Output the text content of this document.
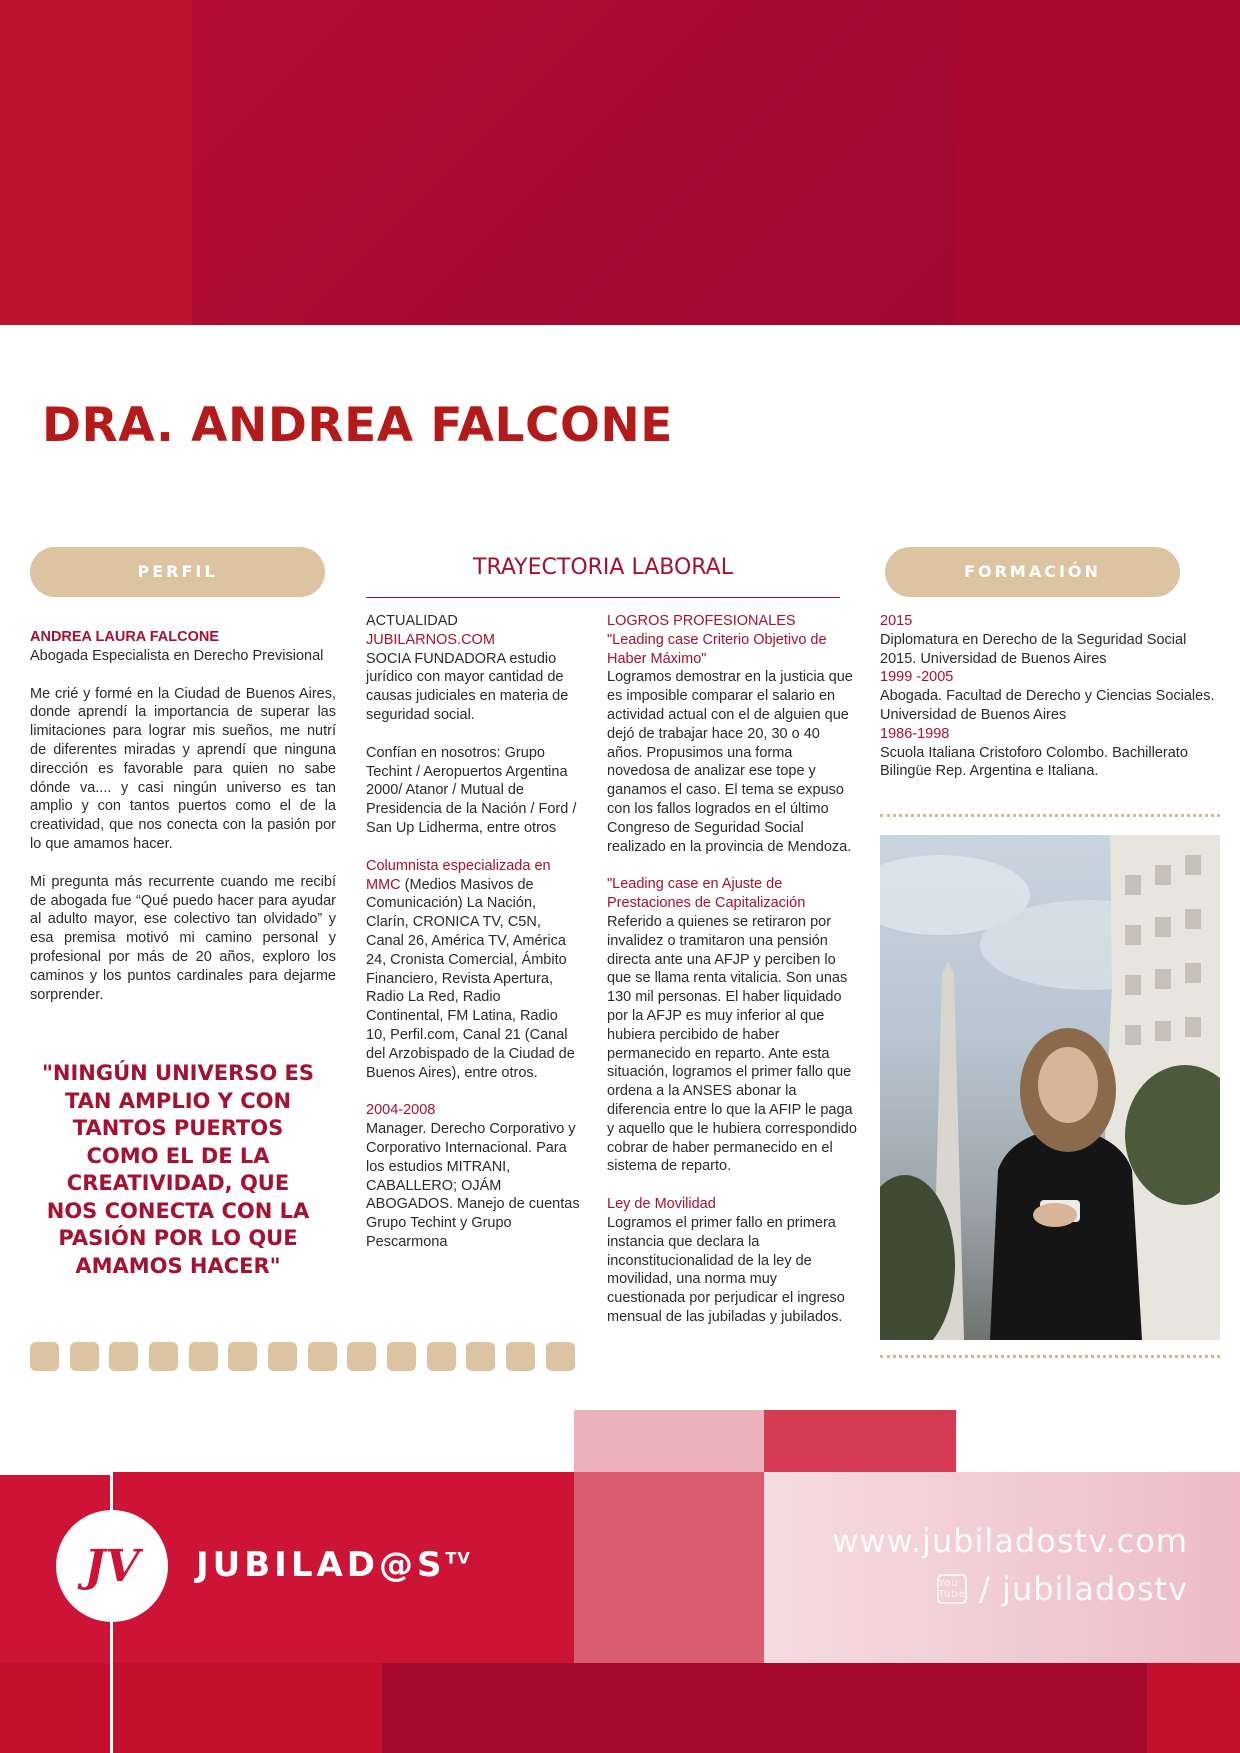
DRA. ANDREA FALCONE
PERFIL	TRAYECTORIA LABORAL	FORMACIÓN
ANDREA LAURA FALCONE
Abogada Especialista en Derecho Previsional
Me crié y formé en la Ciudad de Buenos Aires, donde aprendí la importancia de superar las limitaciones para lograr mis sueños, me nutrí de diferentes miradas y aprendí que ninguna dirección es favorable para quien no sabe dónde va.... y casi ningún universo es tan amplio y con tantos puertos como el de la creatividad, que nos conecta con la pasión por lo que amamos hacer.
Mi pregunta más recurrente cuando me recibí de abogada fue “Qué puedo hacer para ayudar al adulto mayor, ese colectivo tan olvidado” y esa premisa motivó mi camino personal y profesional por más de 20 años, exploro los caminos y los puntos cardinales para dejarme sorprender.
"NINGÚN UNIVERSO ES TAN AMPLIO Y CON TANTOS PUERTOS COMO EL DE LA CREATIVIDAD, QUE NOS CONECTA CON LA PASIÓN POR LO QUE AMAMOS HACER"
ACTUALIDAD
JUBILARNOS.COM
SOCIA FUNDADORA estudio jurídico con mayor cantidad de causas judiciales en materia de seguridad social.
Confían en nosotros: Grupo Techint / Aeropuertos Argentina 2000/ Atanor / Mutual de Presidencia de la Nación / Ford / San Up Lidherma, entre otros
Columnista especializada en MMC (Medios Masivos de Comunicación) La Nación, Clarín, CRONICA TV, C5N, Canal 26, América TV, América 24, Cronista Comercial, Ámbito Financiero, Revista Apertura, Radio La Red, Radio Continental, FM Latina, Radio 10, Perfil.com, Canal 21 (Canal del Arzobispado de la Ciudad de Buenos Aires), entre otros.
2004-2008
Manager. Derecho Corporativo y Corporativo Internacional. Para los estudios MITRANI, CABALLERO; OJÁM ABOGADOS. Manejo de cuentas Grupo Techint y Grupo Pescarmona
LOGROS PROFESIONALES
"Leading case Criterio Objetivo de Haber Máximo"
Logramos demostrar en la justicia que es imposible comparar el salario en actividad actual con el de alguien que dejó de trabajar hace 20, 30 o 40 años. Propusimos una forma novedosa de analizar ese tope y ganamos el caso. El tema se expuso con los fallos logrados en el último Congreso de Seguridad Social realizado en la provincia de Mendoza.
"Leading case en Ajuste de Prestaciones de Capitalización
Referido a quienes se retiraron por invalidez o tramitaron una pensión directa ante una AFJP y perciben lo que se llama renta vitalicia. Son unas 130 mil personas. El haber liquidado por la AFJP es muy inferior al que hubiera percibido de haber permanecido en reparto. Ante esta situación, logramos el primer fallo que ordena a la ANSES abonar la diferencia entre lo que la AFIP le paga y aquello que le hubiera correspondido cobrar de haber permanecido en el sistema de reparto.
Ley de Movilidad
Logramos el primer fallo en primera instancia que declara la inconstitucionalidad de la ley de movilidad, una norma muy cuestionada por perjudicar el ingreso mensual de las jubiladas y jubilados.
2015
Diplomatura en Derecho de la Seguridad Social 2015. Universidad de Buenos Aires
1999 -2005
Abogada. Facultad de Derecho y Ciencias Sociales. Universidad de Buenos Aires
1986-1998
Scuola Italiana Cristoforo Colombo. Bachillerato Bilingüe Rep. Argentina e Italiana.
JV $JUBILAD@S^{TV}$	www.jubiladostv.com
You Tube / jubiladostv
